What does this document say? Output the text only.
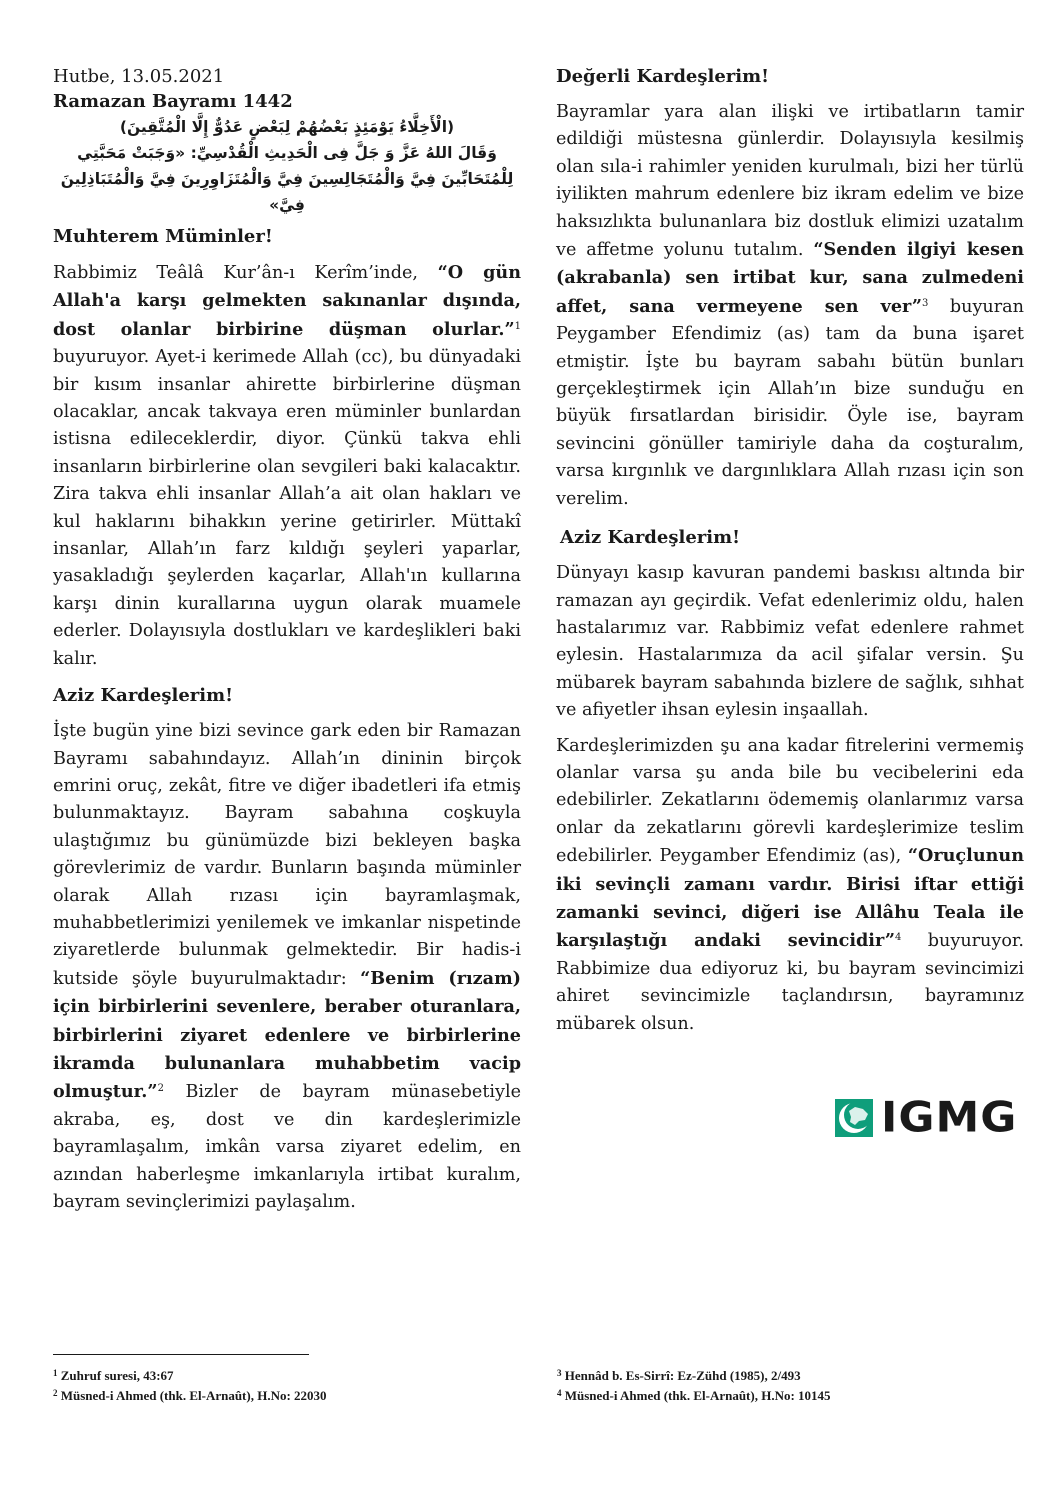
Hutbe, 13.05.2021
Ramazan Bayramı 1442
(الْأَخِلَّاءُ يَوْمَئِذٍ بَعْضُهُمْ لِبَعْضٍ عَدُوٌّ إِلَّا الْمُتَّقِينَ)
وَقَالَ اللهُ عَزَّ وَ جَلَّ فِى الْحَدِيثِ الْقُدْسِيِّ: «وَجَبَتْ مَحَبَّتِي لِلْمُتَحَابِّينَ فِيَّ وَالْمُتَجَالِسِينَ فِيَّ وَالْمُتَزَاوِرِينَ فِيَّ وَالْمُتَبَاذِلِينَ فِيَّ»
Muhterem Müminler!

Rabbimiz Teâlâ Kur’ân-ı Kerîm’inde, “O gün Allah'a karşı gelmekten sakınanlar dışında, dost olanlar birbirine düşman olurlar.”$^1$ buyuruyor. Ayet-i kerimede Allah (cc), bu dünyadaki bir kısım insanlar ahirette birbirlerine düşman olacaklar, ancak takvaya eren müminler bunlardan istisna edileceklerdir, diyor. Çünkü takva ehli insanların birbirlerine olan sevgileri baki kalacaktır. Zira takva ehli insanlar Allah’a ait olan hakları ve kul haklarını bihakkın yerine getirirler. Müttakî insanlar, Allah’ın farz kıldığı şeyleri yaparlar, yasakladığı şeylerden kaçarlar, Allah'ın kullarına karşı dinin kurallarına uygun olarak muamele ederler. Dolayısıyla dostlukları ve kardeşlikleri baki kalır.

Aziz Kardeşlerim!

İşte bugün yine bizi sevince gark eden bir Ramazan Bayramı sabahındayız. Allah’ın dininin birçok emrini oruç, zekât, fitre ve diğer ibadetleri ifa etmiş bulunmaktayız. Bayram sabahına coşkuyla ulaştığımız bu günümüzde bizi bekleyen başka görevlerimiz de vardır. Bunların başında müminler olarak Allah rızası için bayramlaşmak, muhabbetlerimizi yenilemek ve imkanlar nispetinde ziyaretlerde bulunmak gelmektedir. Bir hadis-i kutside şöyle buyurulmaktadır: “Benim (rızam) için birbirlerini sevenlere, beraber oturanlara, birbirlerini ziyaret edenlere ve birbirlerine ikramda bulunanlara muhabbetim vacip olmuştur.”$^2$ Bizler de bayram münasebetiyle akraba, eş, dost ve din kardeşlerimizle bayramlaşalım, imkân varsa ziyaret edelim, en azından haberleşme imkanlarıyla irtibat kuralım, bayram sevinçlerimizi paylaşalım.

Değerli Kardeşlerim!

Bayramlar yara alan ilişki ve irtibatların tamir edildiği müstesna günlerdir. Dolayısıyla kesilmiş olan sıla-i rahimler yeniden kurulmalı, bizi her türlü iyilikten mahrum edenlere biz ikram edelim ve bize haksızlıkta bulunanlara biz dostluk elimizi uzatalım ve affetme yolunu tutalım. “Senden ilgiyi kesen (akrabanla) sen irtibat kur, sana zulmedeni affet, sana vermeyene sen ver”$^3$ buyuran Peygamber Efendimiz (as) tam da buna işaret etmiştir. İşte bu bayram sabahı bütün bunları gerçekleştirmek için Allah’ın bize sunduğu en büyük fırsatlardan birisidir. Öyle ise, bayram sevincini gönüller tamiriyle daha da coşturalım, varsa kırgınlık ve dargınlıklara Allah rızası için son verelim.

Aziz Kardeşlerim!

Dünyayı kasıp kavuran pandemi baskısı altında bir ramazan ayı geçirdik. Vefat edenlerimiz oldu, halen hastalarımız var. Rabbimiz vefat edenlere rahmet eylesin. Hastalarımıza da acil şifalar versin. Şu mübarek bayram sabahında bizlere de sağlık, sıhhat ve afiyetler ihsan eylesin inşaallah.

Kardeşlerimizden şu ana kadar fitrelerini vermemiş olanlar varsa şu anda bile bu vecibelerini eda edebilirler. Zekatlarını ödememiş olanlarımız varsa onlar da zekatlarını görevli kardeşlerimize teslim edebilirler. Peygamber Efendimiz (as), “Oruçlunun iki sevinçli zamanı vardır. Birisi iftar ettiği zamanki sevinci, diğeri ise Allâhu Teala ile karşılaştığı andaki sevincidir”$^4$ buyuruyor. Rabbimize dua ediyoruz ki, bu bayram sevincimizi ahiret sevincimizle taçlandırsın, bayramınız mübarek olsun.

IGMG
$^1$ Zuhruf suresi, 43:67
$^2$ Müsned-i Ahmed (thk. El-Arnaût), H.No: 22030
$^3$ Hennâd b. Es-Sirrî: Ez-Zühd (1985), 2/493
$^4$ Müsned-i Ahmed (thk. El-Arnaût), H.No: 10145
